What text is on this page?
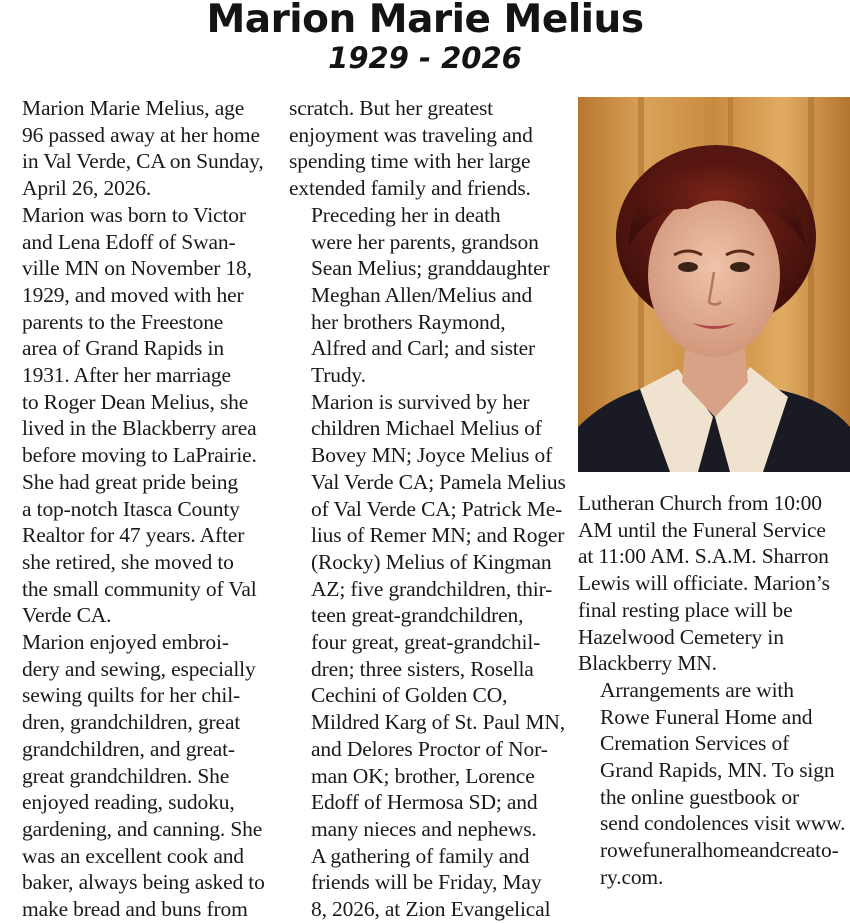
Marion Marie Melius
1929 - 2026

Marion Marie Melius, age
96 passed away at her home
in Val Verde, CA on Sunday,
April 26, 2026.

Marion was born to Victor
and Lena Edoff of Swan-
ville MN on November 18,
1929, and moved with her
parents to the Freestone
area of Grand Rapids in
1931. After her marriage
to Roger Dean Melius, she
lived in the Blackberry area
before moving to LaPrairie.
She had great pride being
a top-notch Itasca County
Realtor for 47 years. After
she retired, she moved to
the small community of Val
Verde CA.

Marion enjoyed embroi-
dery and sewing, especially
sewing quilts for her chil-
dren, grandchildren, great
grandchildren, and great-
great grandchildren. She
enjoyed reading, sudoku,
gardening, and canning. She
was an excellent cook and
baker, always being asked to
make bread and buns from

scratch. But her greatest
enjoyment was traveling and
spending time with her large
extended family and friends.

Preceding her in death
were her parents, grandson
Sean Melius; granddaughter
Meghan Allen/Melius and
her brothers Raymond,
Alfred and Carl; and sister
Trudy.

Marion is survived by her
children Michael Melius of
Bovey MN; Joyce Melius of
Val Verde CA; Pamela Melius
of Val Verde CA; Patrick Me-
lius of Remer MN; and Roger
(Rocky) Melius of Kingman
AZ; five grandchildren, thir-
teen great-grandchildren,
four great, great-grandchil-
dren; three sisters, Rosella
Cechini of Golden CO,
Mildred Karg of St. Paul MN,
and Delores Proctor of Nor-
man OK; brother, Lorence
Edoff of Hermosa SD; and
many nieces and nephews.

A gathering of family and
friends will be Friday, May
8, 2026, at Zion Evangelical

Lutheran Church from 10:00
AM until the Funeral Service
at 11:00 AM. S.A.M. Sharron
Lewis will officiate. Marion’s
final resting place will be
Hazelwood Cemetery in
Blackberry MN.

Arrangements are with
Rowe Funeral Home and
Cremation Services of
Grand Rapids, MN. To sign
the online guestbook or
send condolences visit www.
rowefuneralhomeandcreato-
ry.com.
